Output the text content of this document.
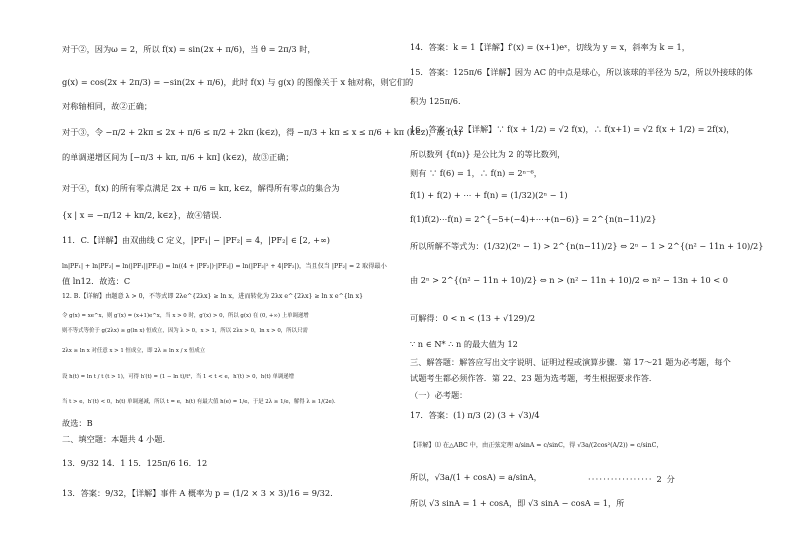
对于②，因为ω = 2，所以 f(x) = sin(2x + π/6)，当 θ = 2π/3 时，
g(x) = cos(2x + 2π/3) = −sin(2x + π/6)，此时 f(x) 与 g(x) 的图像关于 x 轴对称，则它们的
对称轴相同，故②正确；
对于③，令 −π/2 + 2kπ ≤ 2x + π/6 ≤ π/2 + 2kπ (k∈z)，得 −π/3 + kπ ≤ x ≤ π/6 + kπ (k∈z)，故 f(x)
的单调递增区间为 [−π/3 + kπ, π/6 + kπ] (k∈z)，故③正确；
对于④，f(x) 的所有零点满足 2x + π/6 = kπ, k∈z，解得所有零点的集合为
{x | x = −π/12 + kπ/2, k∈z}，故④错误.
11．C.【详解】由双曲线 C 定义，|PF₁| − |PF₂| = 4，|PF₂| ∈ [2, +∞)
ln|PF₁| + ln|PF₂| = ln(|PF₁||PF₂|) = ln((4 + |PF₂|)·|PF₂|) = ln(|PF₂|² + 4|PF₂|)，当且仅当 |PF₂| = 2 取得最小
值 ln12．故选：C
12. B.【详解】由题意 λ > 0，不等式即 2λe^{2λx} ≥ ln x，进而转化为 2λx e^{2λx} ≥ ln x e^{ln x}
令 g(x) = xe^x，则 g′(x) = (x+1)e^x，当 x > 0 时，g′(x) > 0，所以 g(x) 在 (0, +∞) 上单调递增
则不等式等价于 g(2λx) ≥ g(ln x) 恒成立，因为 λ > 0，x > 1，所以 2λx > 0，ln x > 0，所以只需
2λx ≥ ln x 对任意 x > 1 恒成立，即 2λ ≥ ln x / x 恒成立
设 h(t) = ln t / t (t > 1)，可得 h′(t) = (1 − ln t)/t²，当 1 < t < e，h′(t) > 0，h(t) 单调递增
当 t > e，h′(t) < 0，h(t) 单调递减，所以 t = e，h(t) 有最大值 h(e) = 1/e，于是 2λ ≥ 1/e，解得 λ ≥ 1/(2e).
故选：B
二、填空题：本题共 4 小题.
13．9/32 14．1 15．125π/6 16．12
13．答案：9/32，【详解】事件 A 概率为 p = (1/2 × 3 × 3)/16 = 9/32.
14．答案：k = 1【详解】f′(x) = (x+1)eˣ，切线为 y = x，斜率为 k = 1，
15．答案：125π/6【详解】因为 AC 的中点是球心，所以该球的半径为 5/2，所以外接球的体
积为 125π/6.
16．答案：12【详解】∵ f(x + 1/2) = √2 f(x)，∴ f(x+1) = √2 f(x + 1/2) = 2f(x)，
所以数列 {f(n)} 是公比为 2 的等比数列，
则有 ∵ f(6) = 1，∴ f(n) = 2ⁿ⁻⁶，
f(1) + f(2) + ⋯ + f(n) = (1/32)(2ⁿ − 1)
f(1)f(2)⋯f(n) = 2^{−5+(−4)+⋯+(n−6)} = 2^{n(n−11)/2}
所以所解不等式为：(1/32)(2ⁿ − 1) > 2^{n(n−11)/2} ⇔ 2ⁿ − 1 > 2^{(n² − 11n + 10)/2}
由 2ⁿ > 2^{(n² − 11n + 10)/2} ⇔ n > (n² − 11n + 10)/2 ⇔ n² − 13n + 10 < 0
可解得：0 < n < (13 + √129)/2
∵ n ∈ N* ∴ n 的最大值为 12
三、解答题：解答应写出文字说明、证明过程或演算步骤．第 17～21 题为必考题，每个
试题考生都必须作答．第 22、23 题为选考题，考生根据要求作答．
（一）必考题：
17．答案：(1) π/3 (2) (3 + √3)/4
【详解】⑴ 在△ABC 中，由正弦定理 a/sinA = c/sinC，得 √3a/(2cos²(A/2)) = c/sinC，
所以，√3a/(1 + cosA) = a/sinA，	················· 2 分
所以 √3 sinA = 1 + cosA，即 √3 sinA − cosA = 1，所
